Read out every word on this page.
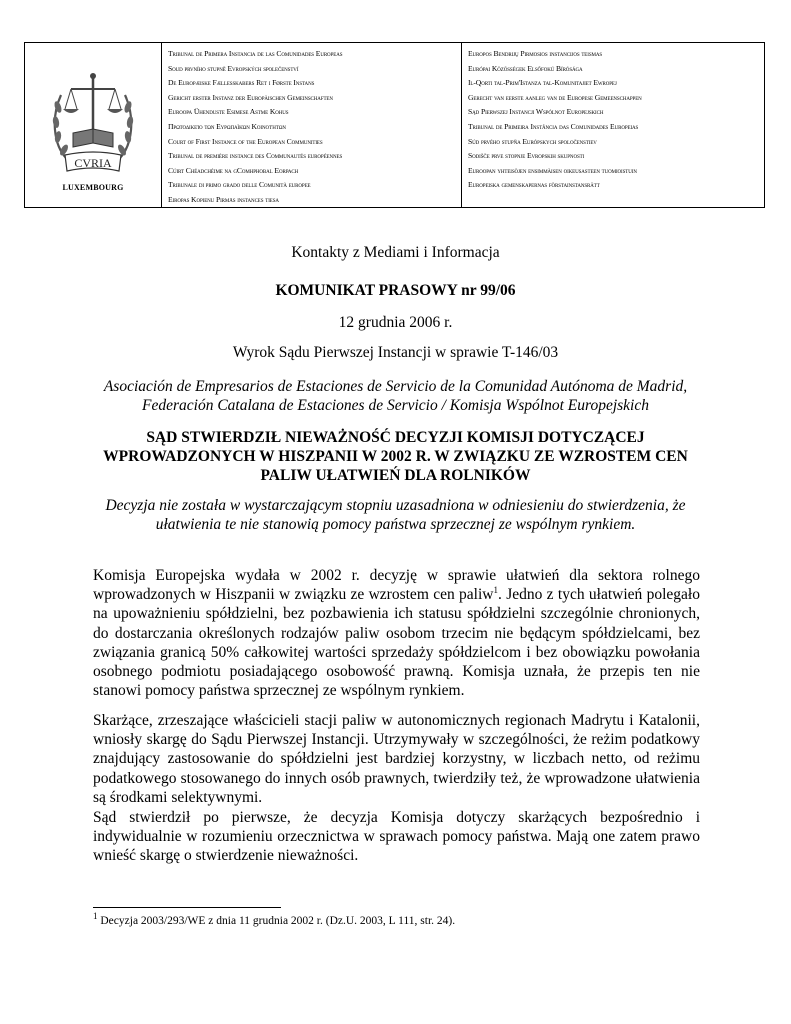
CVRIA
LUXEMBOURG
Tribunal de Primera Instancia de las Comunidades Europeas
Soud prvního stupně Evropských společenství
De Europæiske Fællesskabers Ret i Første Instans
Gericht erster Instanz der Europäischen Gemeinschaften
Euroopa Ühenduste Esimese Astme Kohus
Πρωτοδικείο των Ευρωπαϊκών Κοινοτήτων
Court of First Instance of the European Communities
Tribunal de première instance des Communautés européennes
Cúirt Chéadchéime na gComhphobal Eorpach
Tribunale di primo grado delle Comunità europee
Eiropas Kopienu Pirmās instances tiesa
Europos Bendrijų Pirmosios instancijos teismas
Európai Közösségek Elsőfokú Bírósága
Il-Qorti tal-Prim'Istanza tal-Komunitajiet Ewropej
Gerecht van eerste aanleg van de Europese Gemeenschappen
Sąd Pierwszej Instancji Wspólnot Europejskich
Tribunal de Primeira Instância das Comunidades Europeias
Súd prvého stupňa Európskych spoločenstiev
Sodišče prve stopnje Evropskih skupnosti
Euroopan yhteisöjen ensimmäisen oikeusasteen tuomioistuin
Europeiska gemenskapernas förstainstansrätt
Kontakty z Mediami i Informacja
KOMUNIKAT PRASOWY nr 99/06
12 grudnia 2006 r.
Wyrok Sądu Pierwszej Instancji w sprawie T-146/03
Asociación de Empresarios de Estaciones de Servicio de la Comunidad Autónoma de Madrid,
Federación Catalana de Estaciones de Servicio / Komisja Wspólnot Europejskich
SĄD STWIERDZIŁ NIEWAŻNOŚĆ DECYZJI KOMISJI DOTYCZĄCEJ
WPROWADZONYCH W HISZPANII W 2002 R. W ZWIĄZKU ZE WZROSTEM CEN
PALIW UŁATWIEŃ DLA ROLNIKÓW
Decyzja nie została w wystarczającym stopniu uzasadniona w odniesieniu do stwierdzenia, że
ułatwienia te nie stanowią pomocy państwa sprzecznej ze wspólnym rynkiem.

Komisja Europejska wydała w 2002 r. decyzję w sprawie ułatwień dla sektora rolnego wprowadzonych w Hiszpanii w związku ze wzrostem cen paliw$^1$. Jedno z tych ułatwień polegało na upoważnieniu spółdzielni, bez pozbawienia ich statusu spółdzielni szczególnie chronionych, do dostarczania określonych rodzajów paliw osobom trzecim nie będącym spółdzielcami, bez związania granicą 50% całkowitej wartości sprzedaży spółdzielcom i bez obowiązku powołania osobnego podmiotu posiadającego osobowość prawną. Komisja uznała, że przepis ten nie stanowi pomocy państwa sprzecznej ze wspólnym rynkiem.

Skarżące, zrzeszające właścicieli stacji paliw w autonomicznych regionach Madrytu i Katalonii, wniosły skargę do Sądu Pierwszej Instancji. Utrzymywały w szczególności, że reżim podatkowy znajdujący zastosowanie do spółdzielni jest bardziej korzystny, w liczbach netto, od reżimu podatkowego stosowanego do innych osób prawnych, twierdziły też, że wprowadzone ułatwienia są środkami selektywnymi.

Sąd stwierdził po pierwsze, że decyzja Komisja dotyczy skarżących bezpośrednio i indywidualnie w rozumieniu orzecznictwa w sprawach pomocy państwa. Mają one zatem prawo wnieść skargę o stwierdzenie nieważności.

$^1$ Decyzja 2003/293/WE z dnia 11 grudnia 2002 r. (Dz.U. 2003, L 111, str. 24).
